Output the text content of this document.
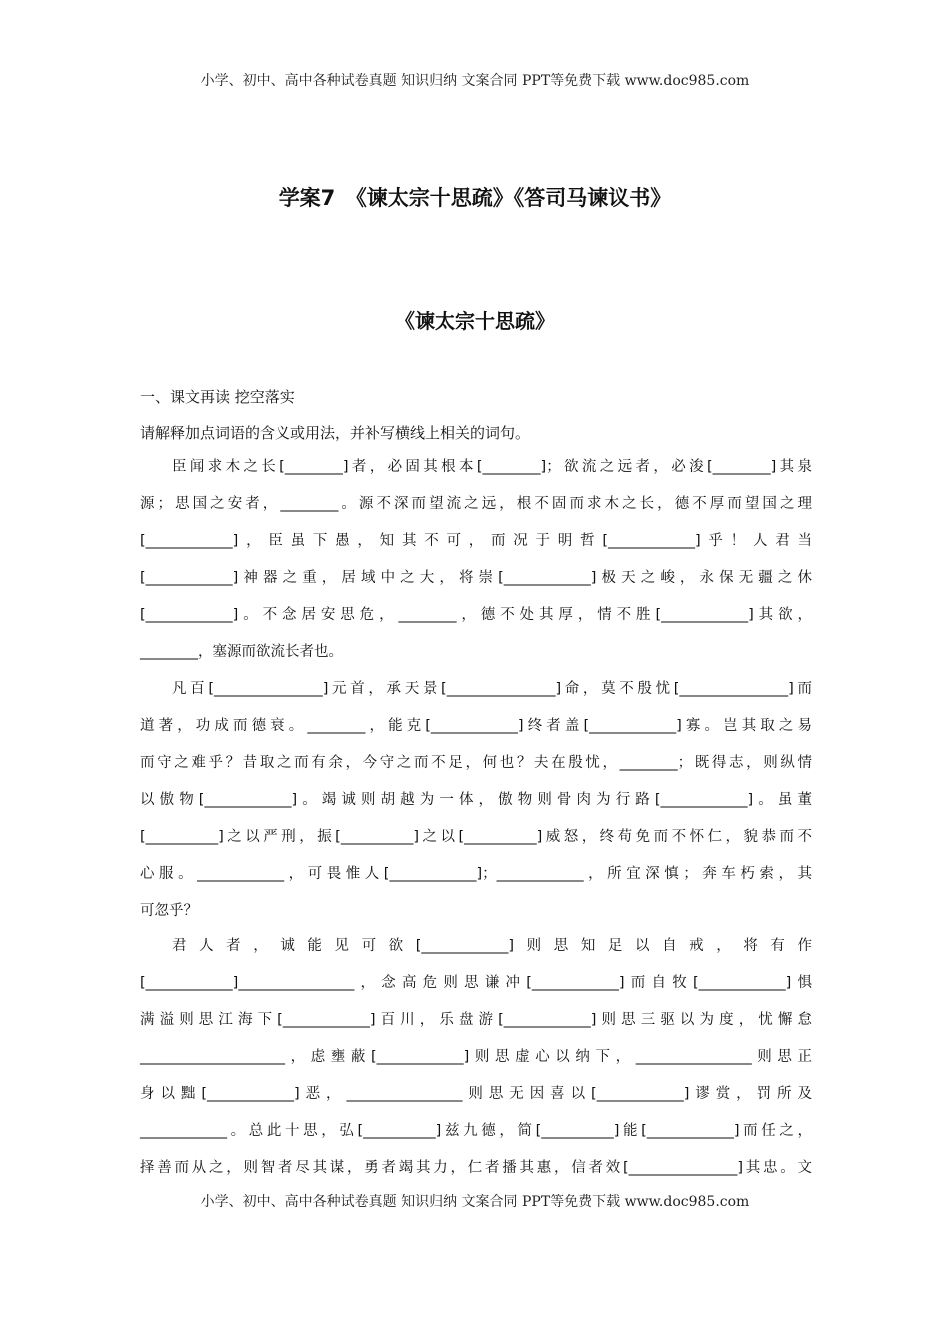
小学、初中、高中各种试卷真题 知识归纳 文案合同 PPT等免费下载 www.doc985.com
学案7　《谏太宗十思疏》《答司马谏议书》
《谏太宗十思疏》
一、课文再读 挖空落实
请解释加点词语的含义或用法，并补写横线上相关的词句。
臣闻求木之长[________]者，必固其根本[________]；欲流之远者，必浚[________]其泉
源；思国之安者，________。源不深而望流之远，根不固而求木之长，德不厚而望国之理
[____________]，臣虽下愚，知其不可，而况于明哲[____________]乎！人君当
[____________]神器之重，居域中之大，将崇[____________]极天之峻，永保无疆之休
[____________]。不念居安思危，________，德不处其厚，情不胜[____________]其欲，
________，塞源而欲流长者也。
凡百[_______________]元首，承天景[_______________]命，莫不殷忧[_______________]而
道著，功成而德衰。________，能克[____________]终者盖[____________]寡。岂其取之易
而守之难乎？昔取之而有余，今守之而不足，何也？夫在殷忧，________；既得志，则纵情
以傲物[____________]。竭诚则胡越为一体，傲物则骨肉为行路[____________]。虽董
[__________]之以严刑，振[__________]之以[__________]威怒，终苟免而不怀仁，貌恭而不
心服。____________，可畏惟人[____________]；____________，所宜深慎；奔车朽索，其
可忽乎？
君人者，诚能见可欲[____________]则思知足以自戒，将有作
[____________]________________，念高危则思谦冲[____________]而自牧[____________]惧
满溢则思江海下[____________]百川，乐盘游[____________]则思三驱以为度，忧懈怠
____________________，虑壅蔽[____________]则思虚心以纳下，________________则思正
身以黜[____________]恶，________________则思无因喜以[____________]谬赏，罚所及
____________。总此十思，弘[__________]兹九德，简[__________]能[____________]而任之，
择善而从之，则智者尽其谋，勇者竭其力，仁者播其惠，信者效[_______________]其忠。文
小学、初中、高中各种试卷真题 知识归纳 文案合同 PPT等免费下载 www.doc985.com
